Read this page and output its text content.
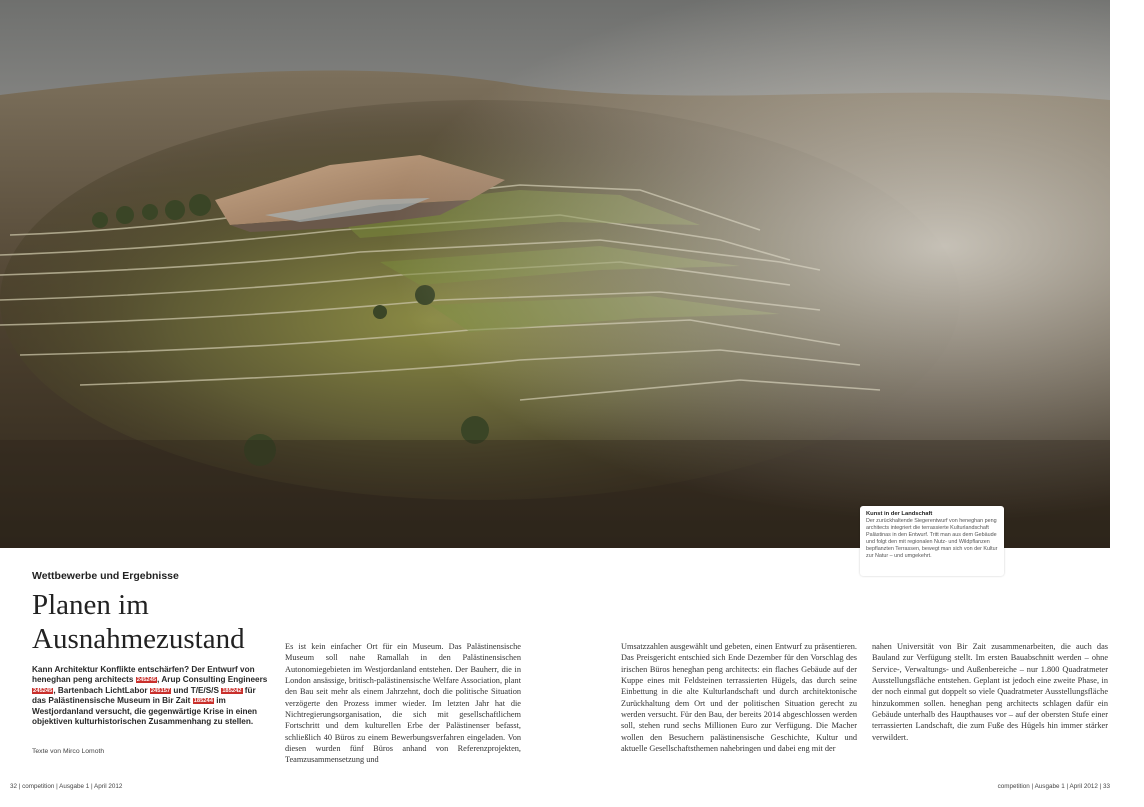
Kunst in der Landschaft
Der zurückhaltende Siegerentwurf von heneghan peng architects integriert die terrassierte Kulturlandschaft Palästinas in den Entwurf. Tritt man aus dem Gebäude und folgt den mit regionalen Nutz- und Wildpflanzen bepflanzten Terrassen, bewegt man sich von der Kultur zur Natur – und umgekehrt.
Wettbewerbe und Ergebnisse
Planen im
Ausnahmezustand
Kann Architektur Konflikte entschärfen? Der Entwurf von heneghan peng architects 245245, Arup Consulting Engineers 245245, Bartenbach LichtLabor 245157 und T/E/S/S 185242 für das Palästinensische Museum in Bir Zait 185244 im Westjordanland versucht, die gegenwärtige Krise in einen objektiven kulturhistorischen Zusammenhang zu stellen.
Texte von Mirco Lomoth
Es ist kein einfacher Ort für ein Museum. Das Palästinensische Museum soll nahe Ramallah in den Palästinensischen Autonomiegebieten im Westjordanland entstehen. Der Bauherr, die in London ansässige, britisch-palästinensische Welfare Association, plant den Bau seit mehr als einem Jahrzehnt, doch die politische Situation verzögerte den Prozess immer wieder. Im letzten Jahr hat die Nichtregierungsorganisation, die sich mit gesellschaftlichem Fortschritt und dem kulturellen Erbe der Palästinenser befasst, schließlich 40 Büros zu einem Bewerbungsverfahren eingeladen. Von diesen wurden fünf Büros anhand von Referenzprojekten, Teamzusammensetzung und
Umsatzzahlen ausgewählt und gebeten, einen Entwurf zu präsentieren. Das Preisgericht entschied sich Ende Dezember für den Vorschlag des irischen Büros heneghan peng architects: ein flaches Gebäude auf der Kuppe eines mit Feldsteinen terrassierten Hügels, das durch seine Einbettung in die alte Kulturlandschaft und durch architektonische Zurückhaltung dem Ort und der politischen Situation gerecht zu werden versucht. Für den Bau, der bereits 2014 abgeschlossen werden soll, stehen rund sechs Millionen Euro zur Verfügung. Die Macher wollen den Besuchern palästinensische Geschichte, Kultur und aktuelle Gesellschaftsthemen nahebringen und dabei eng mit der
nahen Universität von Bir Zait zusammenarbeiten, die auch das Bauland zur Verfügung stellt. Im ersten Bauabschnitt werden – ohne Service-, Verwaltungs- und Außenbereiche – nur 1.800 Quadratmeter Ausstellungsfläche entstehen. Geplant ist jedoch eine zweite Phase, in der noch einmal gut doppelt so viele Quadratmeter Ausstellungsfläche hinzukommen sollen. heneghan peng architects schlagen dafür ein Gebäude unterhalb des Haupthauses vor – auf der obersten Stufe einer terrassierten Landschaft, die zum Fuße des Hügels hin immer stärker verwildert.
32 | competition | Ausgabe 1 | April 2012	competition | Ausgabe 1 | April 2012 | 33
